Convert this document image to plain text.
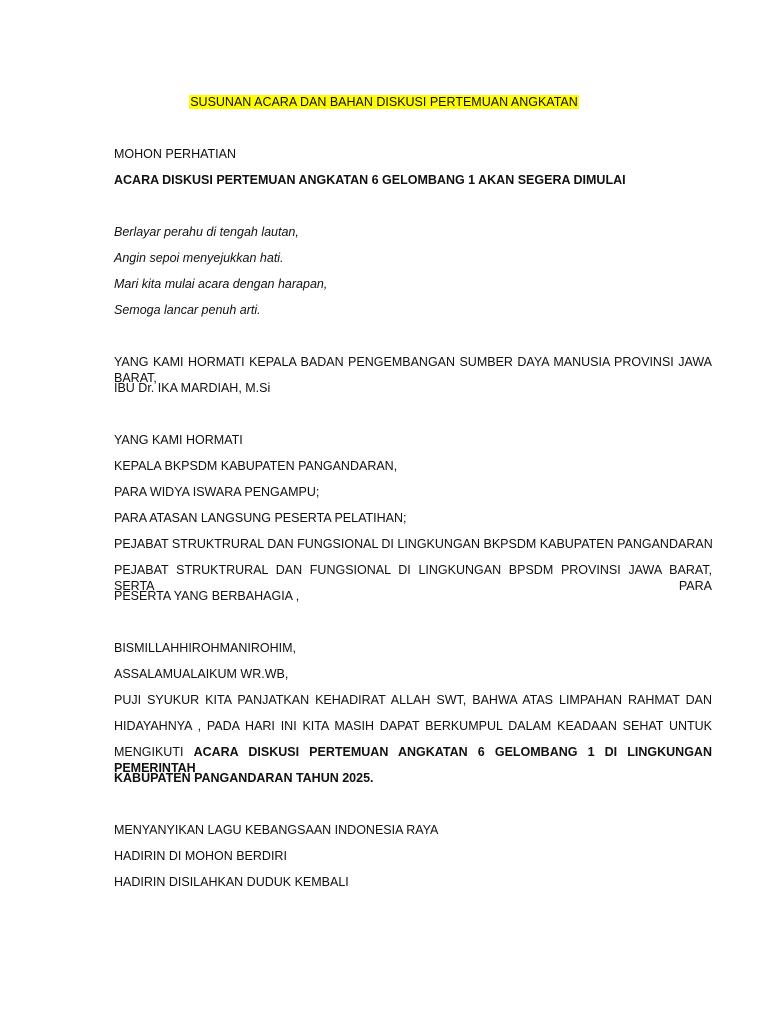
SUSUNAN ACARA DAN BAHAN DISKUSI PERTEMUAN ANGKATAN
MOHON PERHATIAN
ACARA DISKUSI PERTEMUAN ANGKATAN 6 GELOMBANG 1 AKAN SEGERA DIMULAI
Berlayar perahu di tengah lautan,
Angin sepoi menyejukkan hati.
Mari kita mulai acara dengan harapan,
Semoga lancar penuh arti.
YANG KAMI HORMATI KEPALA BADAN PENGEMBANGAN SUMBER DAYA MANUSIA PROVINSI JAWA BARAT,
IBU Dr. IKA MARDIAH, M.Si
YANG KAMI HORMATI
KEPALA BKPSDM KABUPATEN PANGANDARAN,
PARA WIDYA ISWARA PENGAMPU;
PARA ATASAN LANGSUNG PESERTA PELATIHAN;
PEJABAT STRUKTRURAL DAN FUNGSIONAL DI LINGKUNGAN BKPSDM KABUPATEN PANGANDARAN
PEJABAT STRUKTRURAL DAN FUNGSIONAL DI LINGKUNGAN BPSDM PROVINSI JAWA BARAT, SERTA PARA
PESERTA YANG BERBAHAGIA ,
BISMILLAHHIROHMANIROHIM,
ASSALAMUALAIKUM WR.WB,
PUJI SYUKUR KITA PANJATKAN KEHADIRAT ALLAH SWT, BAHWA ATAS LIMPAHAN RAHMAT DAN
HIDAYAHNYA , PADA HARI INI KITA MASIH DAPAT BERKUMPUL DALAM KEADAAN SEHAT UNTUK
MENGIKUTI ACARA DISKUSI PERTEMUAN ANGKATAN 6 GELOMBANG 1 DI LINGKUNGAN PEMERINTAH
KABUPATEN PANGANDARAN TAHUN 2025.
MENYANYIKAN LAGU KEBANGSAAN INDONESIA RAYA
HADIRIN DI MOHON BERDIRI
HADIRIN DISILAHKAN DUDUK KEMBALI
